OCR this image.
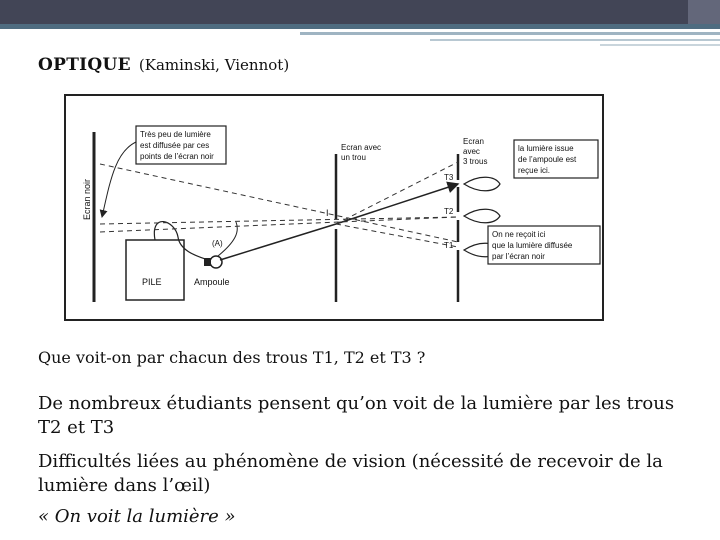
OPTIQUE (Kaminski, Viennot)
Ecran noir
PILE	Ampoule
(A)
I
T3
T2
T1
Très peu de lumière
est diffusée par ces
points de l’écran noir
Ecran avec
un trou
Ecran
avec
3 trous
la lumière issue
de l’ampoule est
reçue ici.
On ne reçoit ici
que la lumière diffusée
par l’écran noir
Que voit-on par chacun des trous T1, T2 et T3 ?
De nombreux étudiants pensent qu’on voit de la lumière par les trous T2 et T3
Difficultés liées au phénomène de vision (nécessité de recevoir de la lumière dans l’œil)
« On voit la lumière »
